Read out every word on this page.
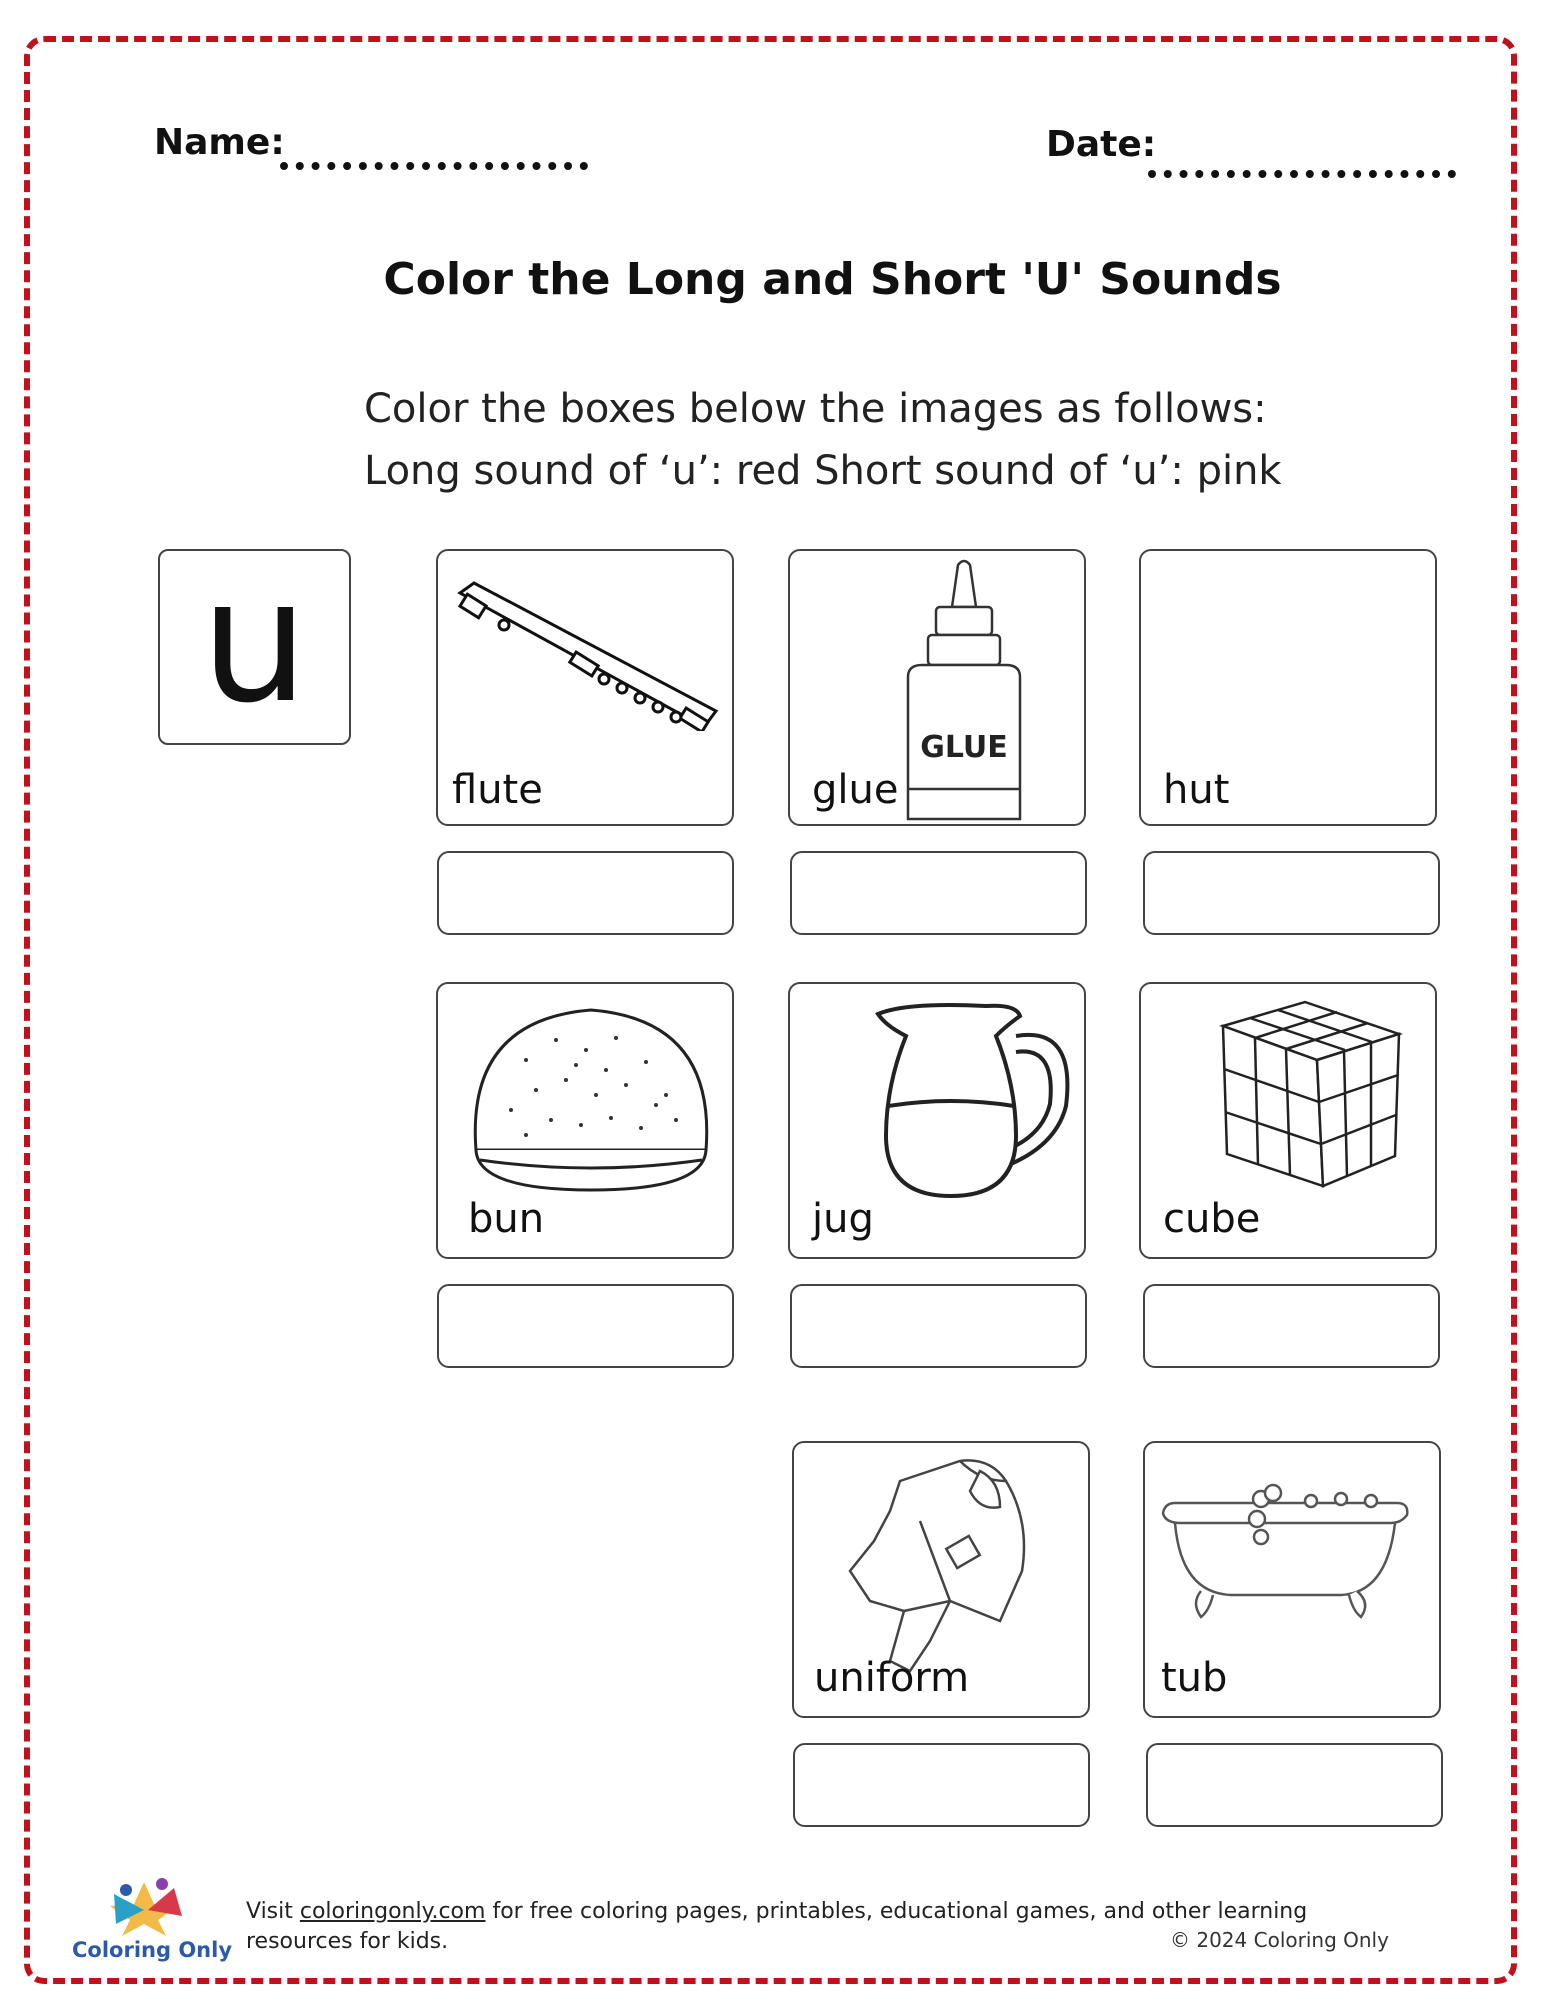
Name:	Date:
Color the Long and Short 'U' Sounds
Color the boxes below the images as follows:
Long sound of ‘u’: red Short sound of ‘u’: pink
u
flute
GLUE
glue	hut
bun	jug	cube
uniform	tub
Coloring Only
Visit coloringonly.com for free coloring pages, printables, educational games, and other learning resources for kids.	© 2024 Coloring Only
